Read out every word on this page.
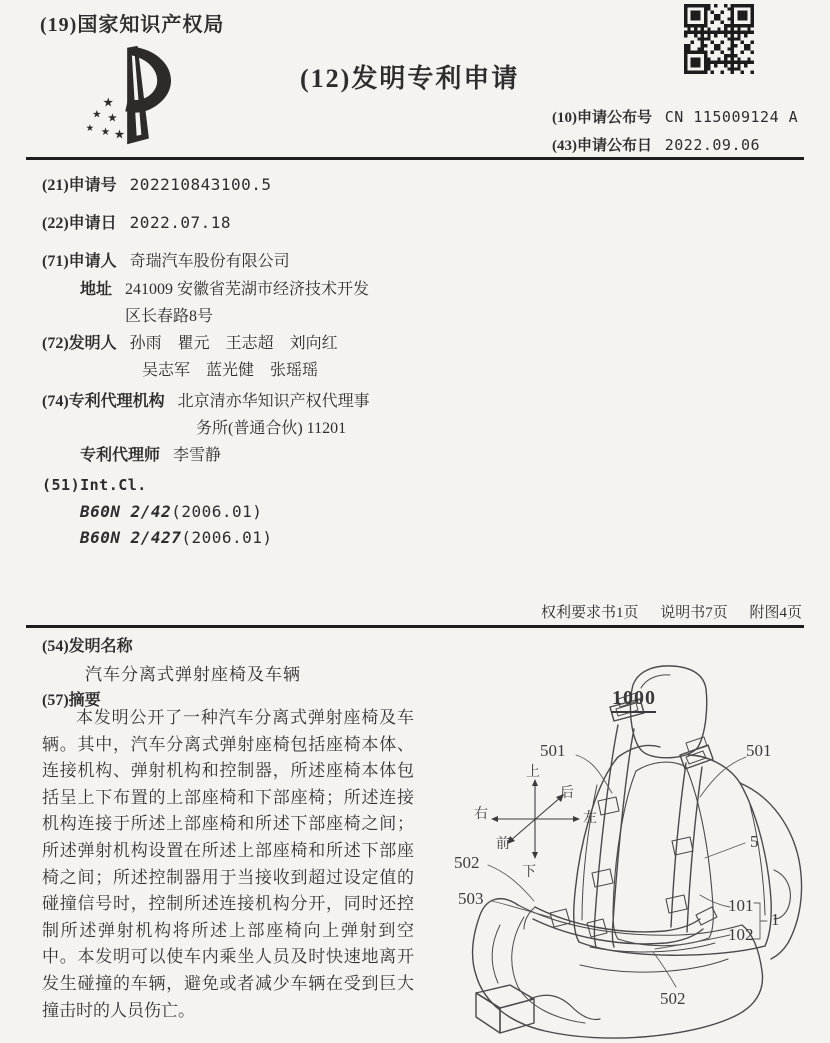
(19)国家知识产权局
★
★ ★
★ ★ ★
(12)发明专利申请
(10)申请公布号 CN 115009124 A
(43)申请公布日 2022.09.06
(21)申请号 202210843100.5
(22)申请日 2022.07.18
(71)申请人 奇瑞汽车股份有限公司
地址 241009 安徽省芜湖市经济技术开发
区长春路8号
(72)发明人 孙雨　瞿元　王志超　刘向红
吴志军　蓝光健　张瑶瑶
(74)专利代理机构 北京清亦华知识产权代理事
务所(普通合伙) 11201
专利代理师 李雪静
(51)Int.Cl.
B60N 2/42(2006.01)
B60N 2/427(2006.01)
权利要求书1页 说明书7页 附图4页
(54)发明名称
汽车分离式弹射座椅及车辆
(57)摘要
本发明公开了一种汽车分离式弹射座椅及车辆。其中，汽车分离式弹射座椅包括座椅本体、连接机构、弹射机构和控制器，所述座椅本体包括呈上下布置的上部座椅和下部座椅；所述连接机构连接于所述上部座椅和所述下部座椅之间；所述弹射机构设置在所述上部座椅和所述下部座椅之间；所述控制器用于当接收到超过设定值的碰撞信号时，控制所述连接机构分开，同时还控制所述弹射机构将所述上部座椅向上弹射到空中。本发明可以使车内乘坐人员及时快速地离开发生碰撞的车辆，避免或者减少车辆在受到巨大撞击时的人员伤亡。
1000
上
下
右	左
后
前
501	501
5
502
503	101
102
1
502
